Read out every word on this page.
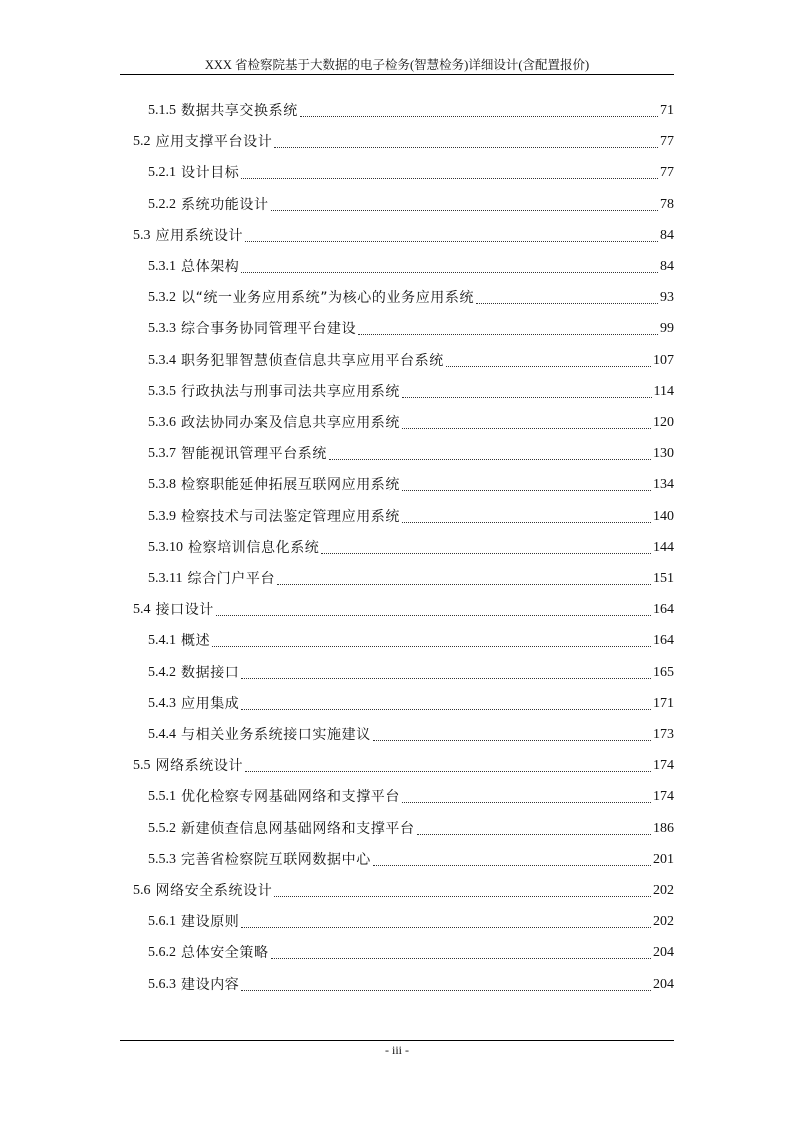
XXX 省检察院基于大数据的电子检务(智慧检务)详细设计(含配置报价)
5.1.5 数据共享交换系统	71
5.2 应用支撑平台设计	77
5.2.1 设计目标	77
5.2.2 系统功能设计	78
5.3 应用系统设计	84
5.3.1 总体架构	84
5.3.2 以“统一业务应用系统”为核心的业务应用系统	93
5.3.3 综合事务协同管理平台建设	99
5.3.4 职务犯罪智慧侦查信息共享应用平台系统	107
5.3.5 行政执法与刑事司法共享应用系统	114
5.3.6 政法协同办案及信息共享应用系统	120
5.3.7 智能视讯管理平台系统	130
5.3.8 检察职能延伸拓展互联网应用系统	134
5.3.9 检察技术与司法鉴定管理应用系统	140
5.3.10 检察培训信息化系统	144
5.3.11 综合门户平台	151
5.4 接口设计	164
5.4.1 概述	164
5.4.2 数据接口	165
5.4.3 应用集成	171
5.4.4 与相关业务系统接口实施建议	173
5.5 网络系统设计	174
5.5.1 优化检察专网基础网络和支撑平台	174
5.5.2 新建侦查信息网基础网络和支撑平台	186
5.5.3 完善省检察院互联网数据中心	201
5.6 网络安全系统设计	202
5.6.1 建设原则	202
5.6.2 总体安全策略	204
5.6.3 建设内容	204
- iii -
